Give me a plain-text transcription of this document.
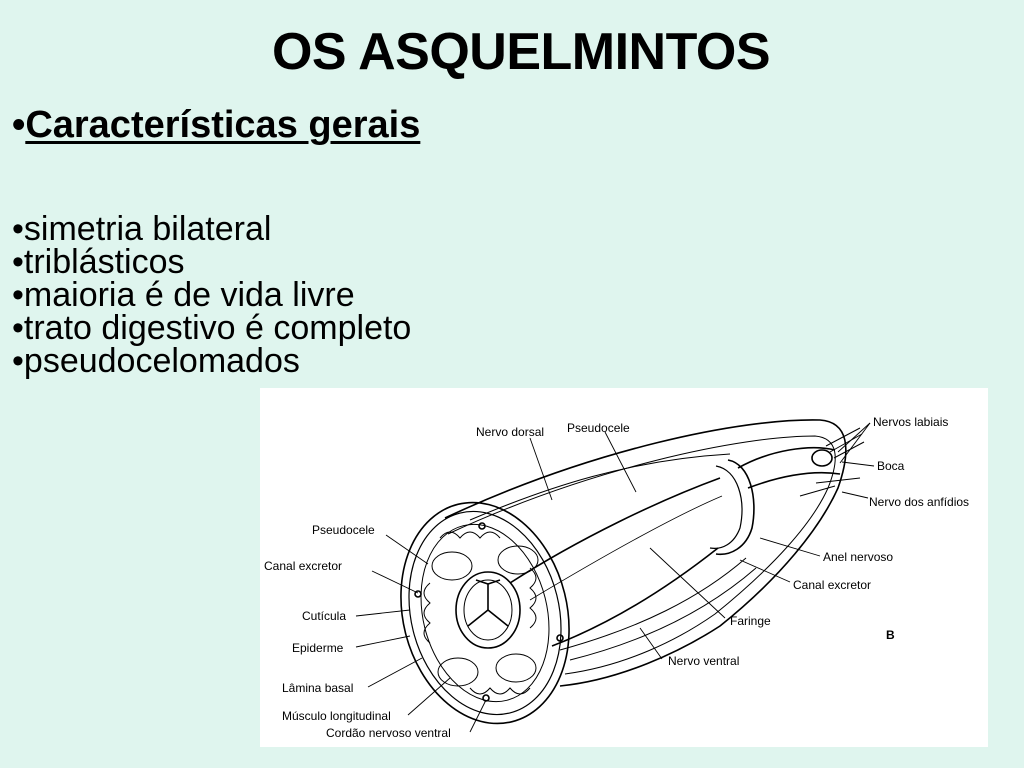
OS ASQUELMINTOS
•Características gerais
•simetria bilateral
•triblásticos
•maioria é de vida livre
•trato digestivo é completo
•pseudocelomados
Nervo dorsal Pseudocele	Nervos labiais
Boca
Nervo dos anfídios
Pseudocele
Canal excretor
Anel nervoso
Canal excretor
Cutícula	Faringe
Epiderme
Nervo ventral
Lâmina basal
Músculo longitudinal
Cordão nervoso ventral
B
